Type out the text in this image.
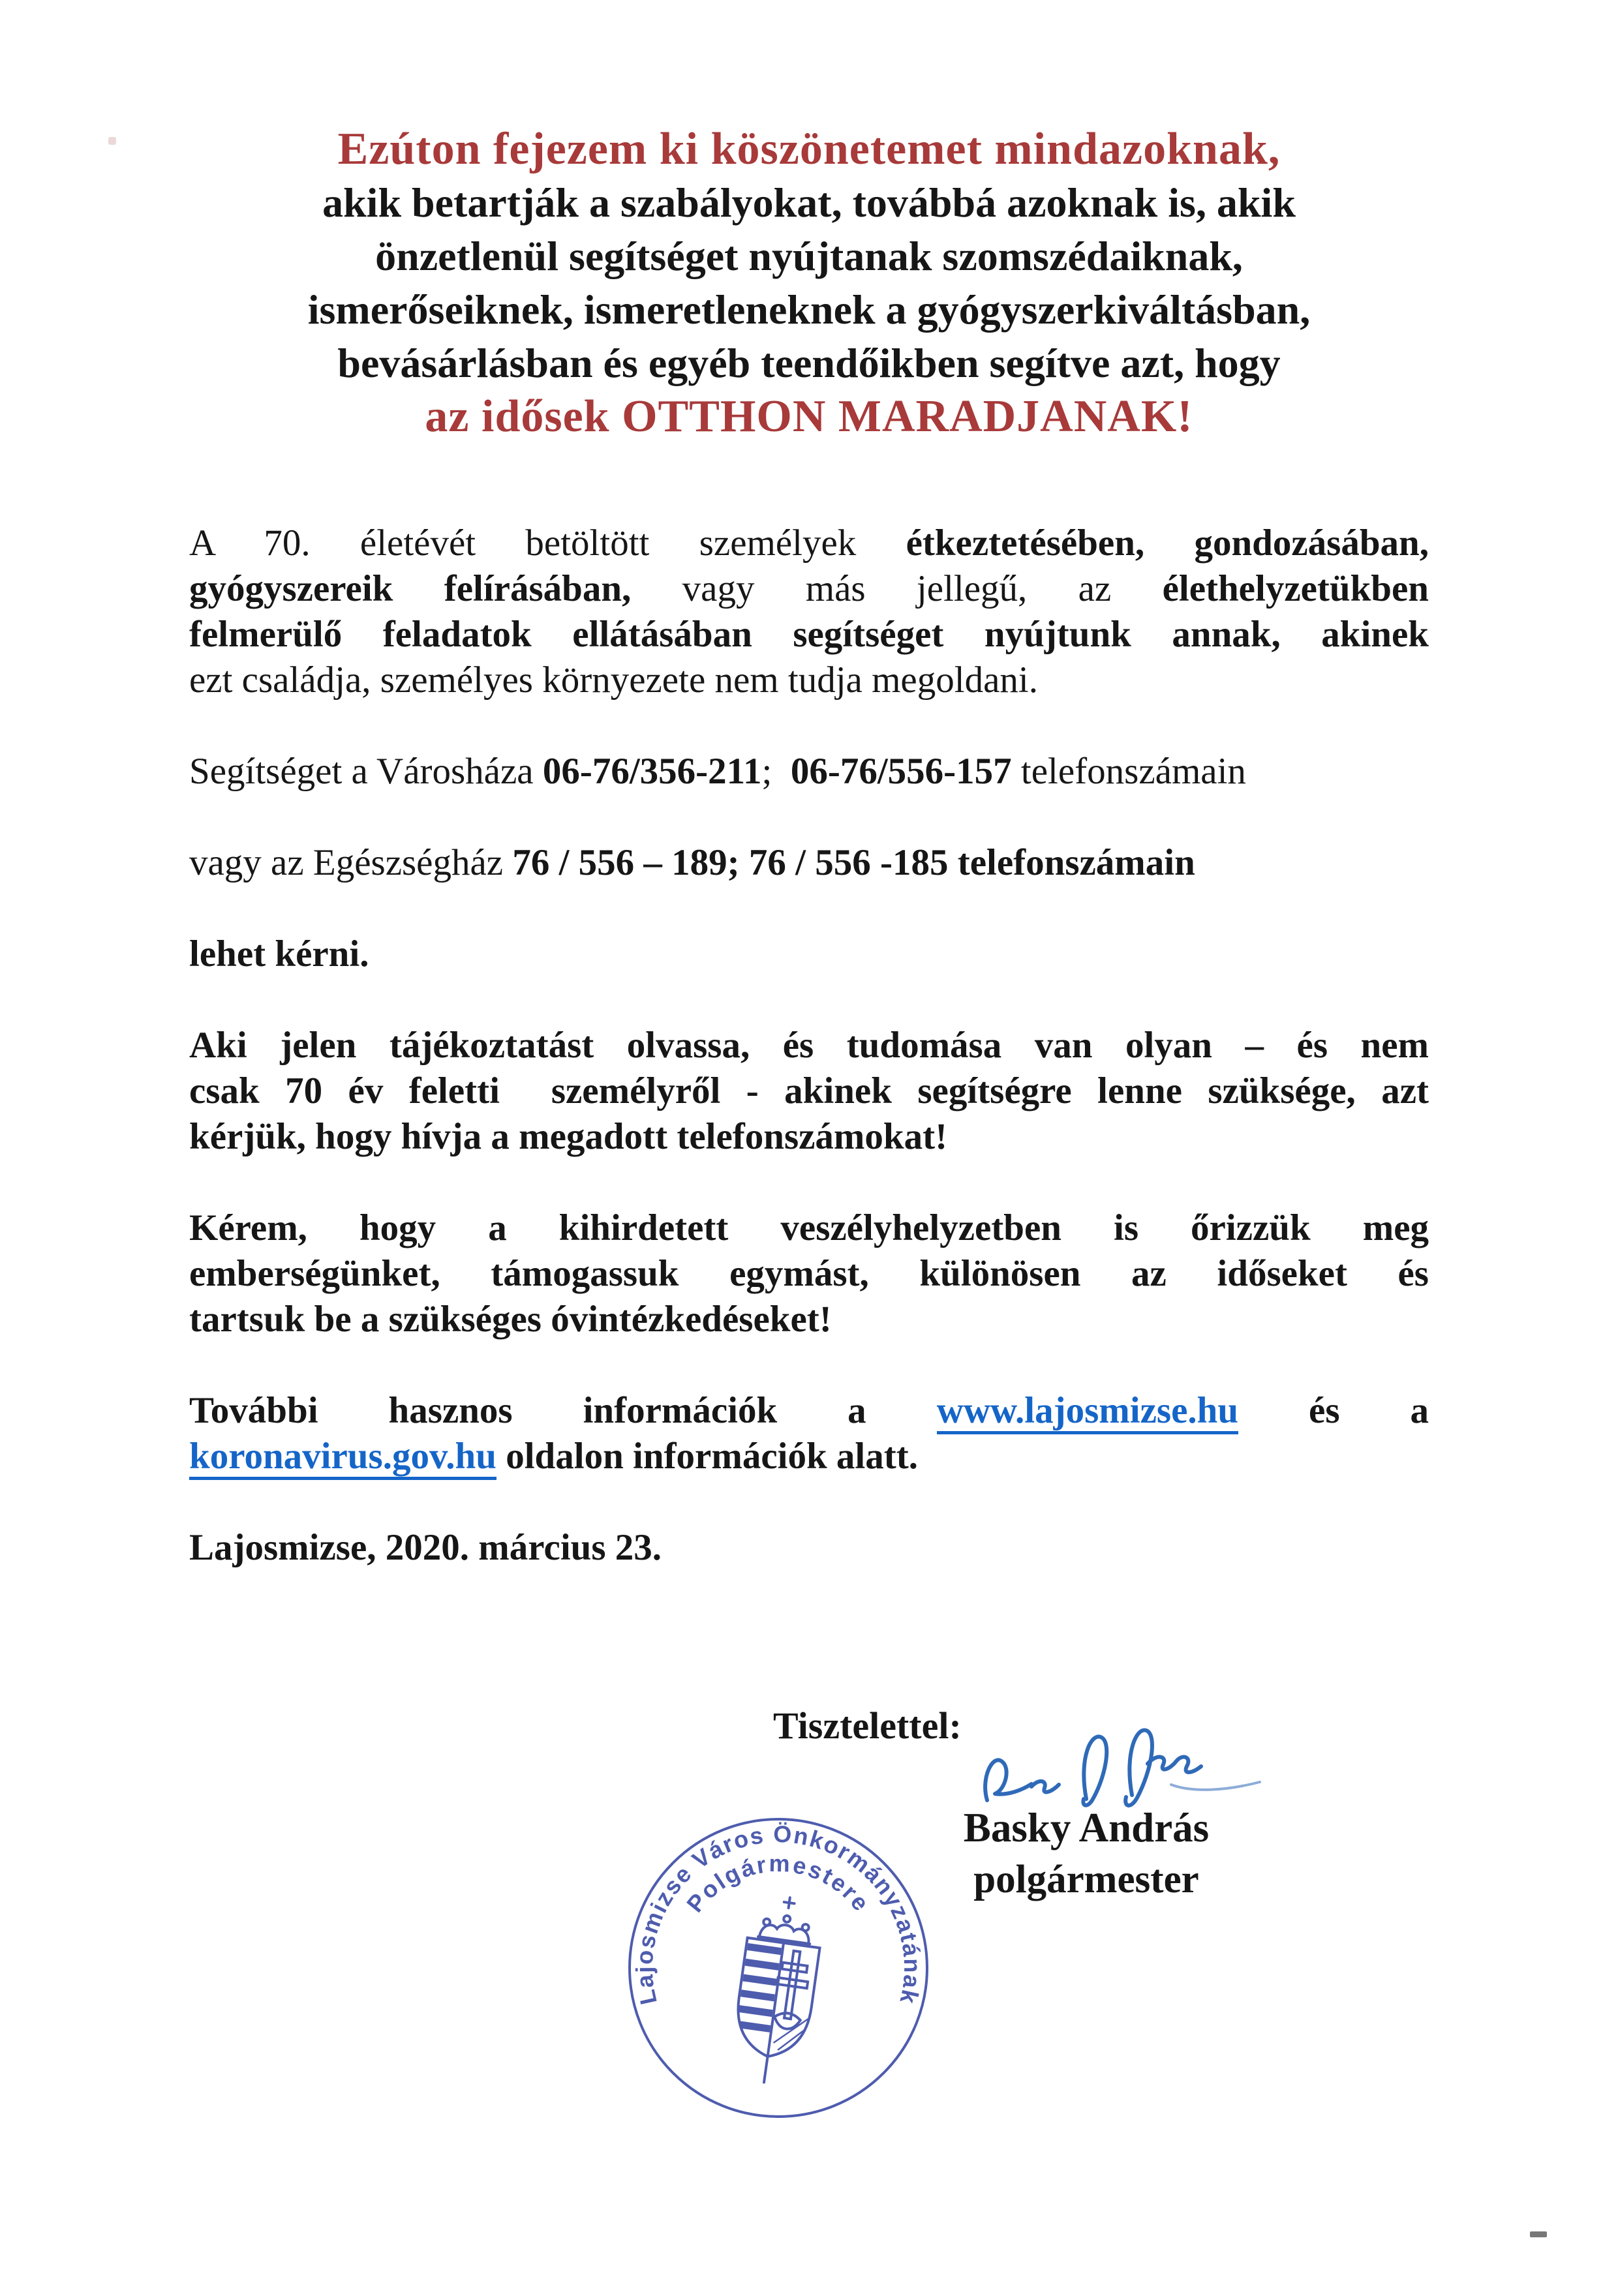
Ezúton fejezem ki köszönetemet mindazoknak,
akik betartják a szabályokat, továbbá azoknak is, akik
önzetlenül segítséget nyújtanak szomszédaiknak,
ismerőseiknek, ismeretleneknek a gyógyszerkiváltásban,
bevásárlásban és egyéb teendőikben segítve azt, hogy
az idősek OTTHON MARADJANAK!
A 70. életévét betöltött személyek étkeztetésében, gondozásában,
gyógyszereik felírásában, vagy más jellegű, az élethelyzetükben
felmerülő feladatok ellátásában segítséget nyújtunk annak, akinek
ezt családja, személyes környezete nem tudja megoldani.
Segítséget a Városháza 06-76/356-211;  06-76/556-157 telefonszámain
vagy az Egészségház 76 / 556 – 189; 76 / 556 -185 telefonszámain
lehet kérni.
Aki jelen tájékoztatást olvassa, és tudomása van olyan – és nem
csak 70 év feletti  személyről - akinek segítségre lenne szüksége, azt
kérjük, hogy hívja a megadott telefonszámokat!
Kérem, hogy a kihirdetett veszélyhelyzetben is őrizzük meg
emberségünket, támogassuk egymást, különösen az időseket és
tartsuk be a szükséges óvintézkedéseket!
További hasznos információk a www.lajosmizse.hu és a
koronavirus.gov.hu oldalon információk alatt.
Lajosmizse, 2020. március 23.
Tisztelettel:
Basky András
polgármester
Lajosmizse Város Önkormányzatának
Polgármestere
